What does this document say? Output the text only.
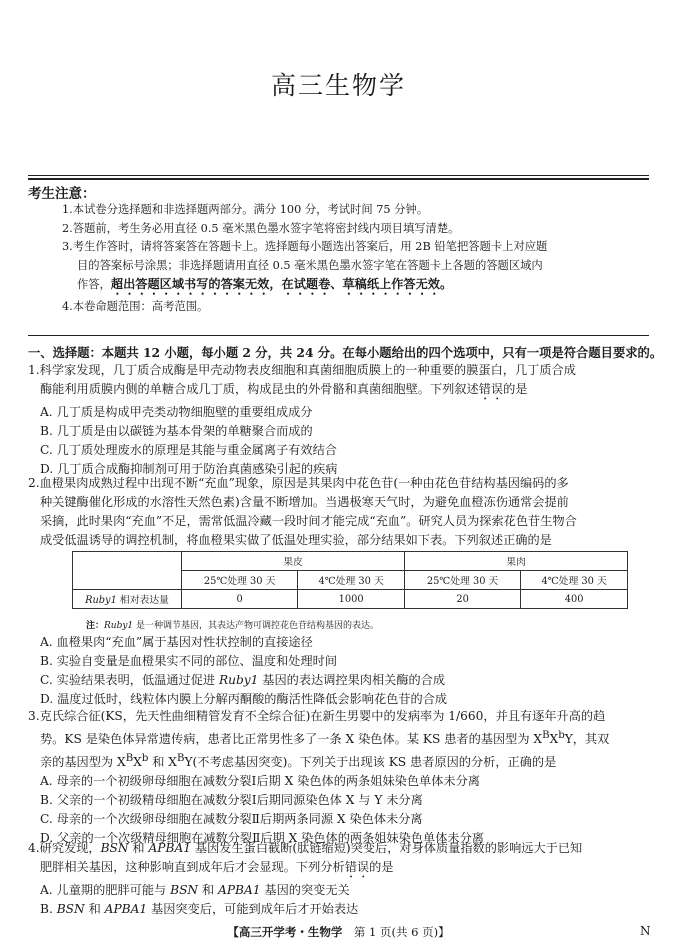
高三生物学
考生注意：
1.本试卷分选择题和非选择题两部分。满分 100 分，考试时间 75 分钟。
2.答题前，考生务必用直径 0.5 毫米黑色墨水签字笔将密封线内项目填写清楚。
3.考生作答时，请将答案答在答题卡上。选择题每小题选出答案后，用 2B 铅笔把答题卡上对应题
目的答案标号涂黑；非选择题请用直径 0.5 毫米黑色墨水签字笔在答题卡上各题的答题区域内
作答，超出答题区域书写的答案无效，在试题卷、草稿纸上作答无效。
4.本卷命题范围：高考范围。
一、选择题：本题共 12 小题，每小题 2 分，共 24 分。在每小题给出的四个选项中，只有一项是符合题目要求的。
1.科学家发现，几丁质合成酶是甲壳动物表皮细胞和真菌细胞质膜上的一种重要的膜蛋白，几丁质合成
酶能利用质膜内侧的单糖合成几丁质，构成昆虫的外骨骼和真菌细胞壁。下列叙述错误的是
A. 几丁质是构成甲壳类动物细胞壁的重要组成成分
B. 几丁质是由以碳链为基本骨架的单糖聚合而成的
C. 几丁质处理废水的原理是其能与重金属离子有效结合
D. 几丁质合成酶抑制剂可用于防治真菌感染引起的疾病
2.血橙果肉成熟过程中出现不断“充血”现象，原因是其果肉中花色苷(一种由花色苷结构基因编码的多
种关键酶催化形成的水溶性天然色素)含量不断增加。当遇极寒天气时，为避免血橙冻伤通常会提前
采摘，此时果肉“充血”不足，需常低温冷藏一段时间才能完成“充血”。研究人员为探索花色苷生物合
成受低温诱导的调控机制，将血橙果实做了低温处理实验，部分结果如下表。下列叙述正确的是
	果皮		果肉	
	25℃处理 30 天	4℃处理 30 天	25℃处理 30 天	4℃处理 30 天
Ruby1 相对表达量	0	1000	20	400
注：Ruby1 是一种调节基因，其表达产物可调控花色苷结构基因的表达。
A. 血橙果肉“充血”属于基因对性状控制的直接途径
B. 实验自变量是血橙果实不同的部位、温度和处理时间
C. 实验结果表明，低温通过促进 Ruby1 基因的表达调控果肉相关酶的合成
D. 温度过低时，线粒体内膜上分解丙酮酸的酶活性降低会影响花色苷的合成
3.克氏综合征(KS，先天性曲细精管发育不全综合征)在新生男婴中的发病率为 1/660，并且有逐年升高的趋
势。KS 是染色体异常遗传病，患者比正常男性多了一条 X 染色体。某 KS 患者的基因型为 $X^BX^bY$，其双
亲的基因型为 $X^BX^b$ 和 $X^BY$(不考虑基因突变)。下列关于出现该 KS 患者原因的分析，正确的是
A. 母亲的一个初级卵母细胞在减数分裂Ⅰ后期 X 染色体的两条姐妹染色单体未分离
B. 父亲的一个初级精母细胞在减数分裂Ⅰ后期同源染色体 X 与 Y 未分离
C. 母亲的一个次级卵母细胞在减数分裂Ⅱ后期两条同源 X 染色体未分离
D. 父亲的一个次级精母细胞在减数分裂Ⅱ后期 X 染色体的两条姐妹染色单体未分离
4.研究发现，BSN 和 APBA1 基因发生蛋白截断(肽链缩短)突变后，对身体质量指数的影响远大于已知
肥胖相关基因，这种影响直到成年后才会显现。下列分析错误的是
A. 儿童期的肥胖可能与 BSN 和 APBA1 基因的突变无关
B. BSN 和 APBA1 基因突变后，可能到成年后才开始表达
【高三开学考・生物学　 第 1 页(共 6 页)】	N
